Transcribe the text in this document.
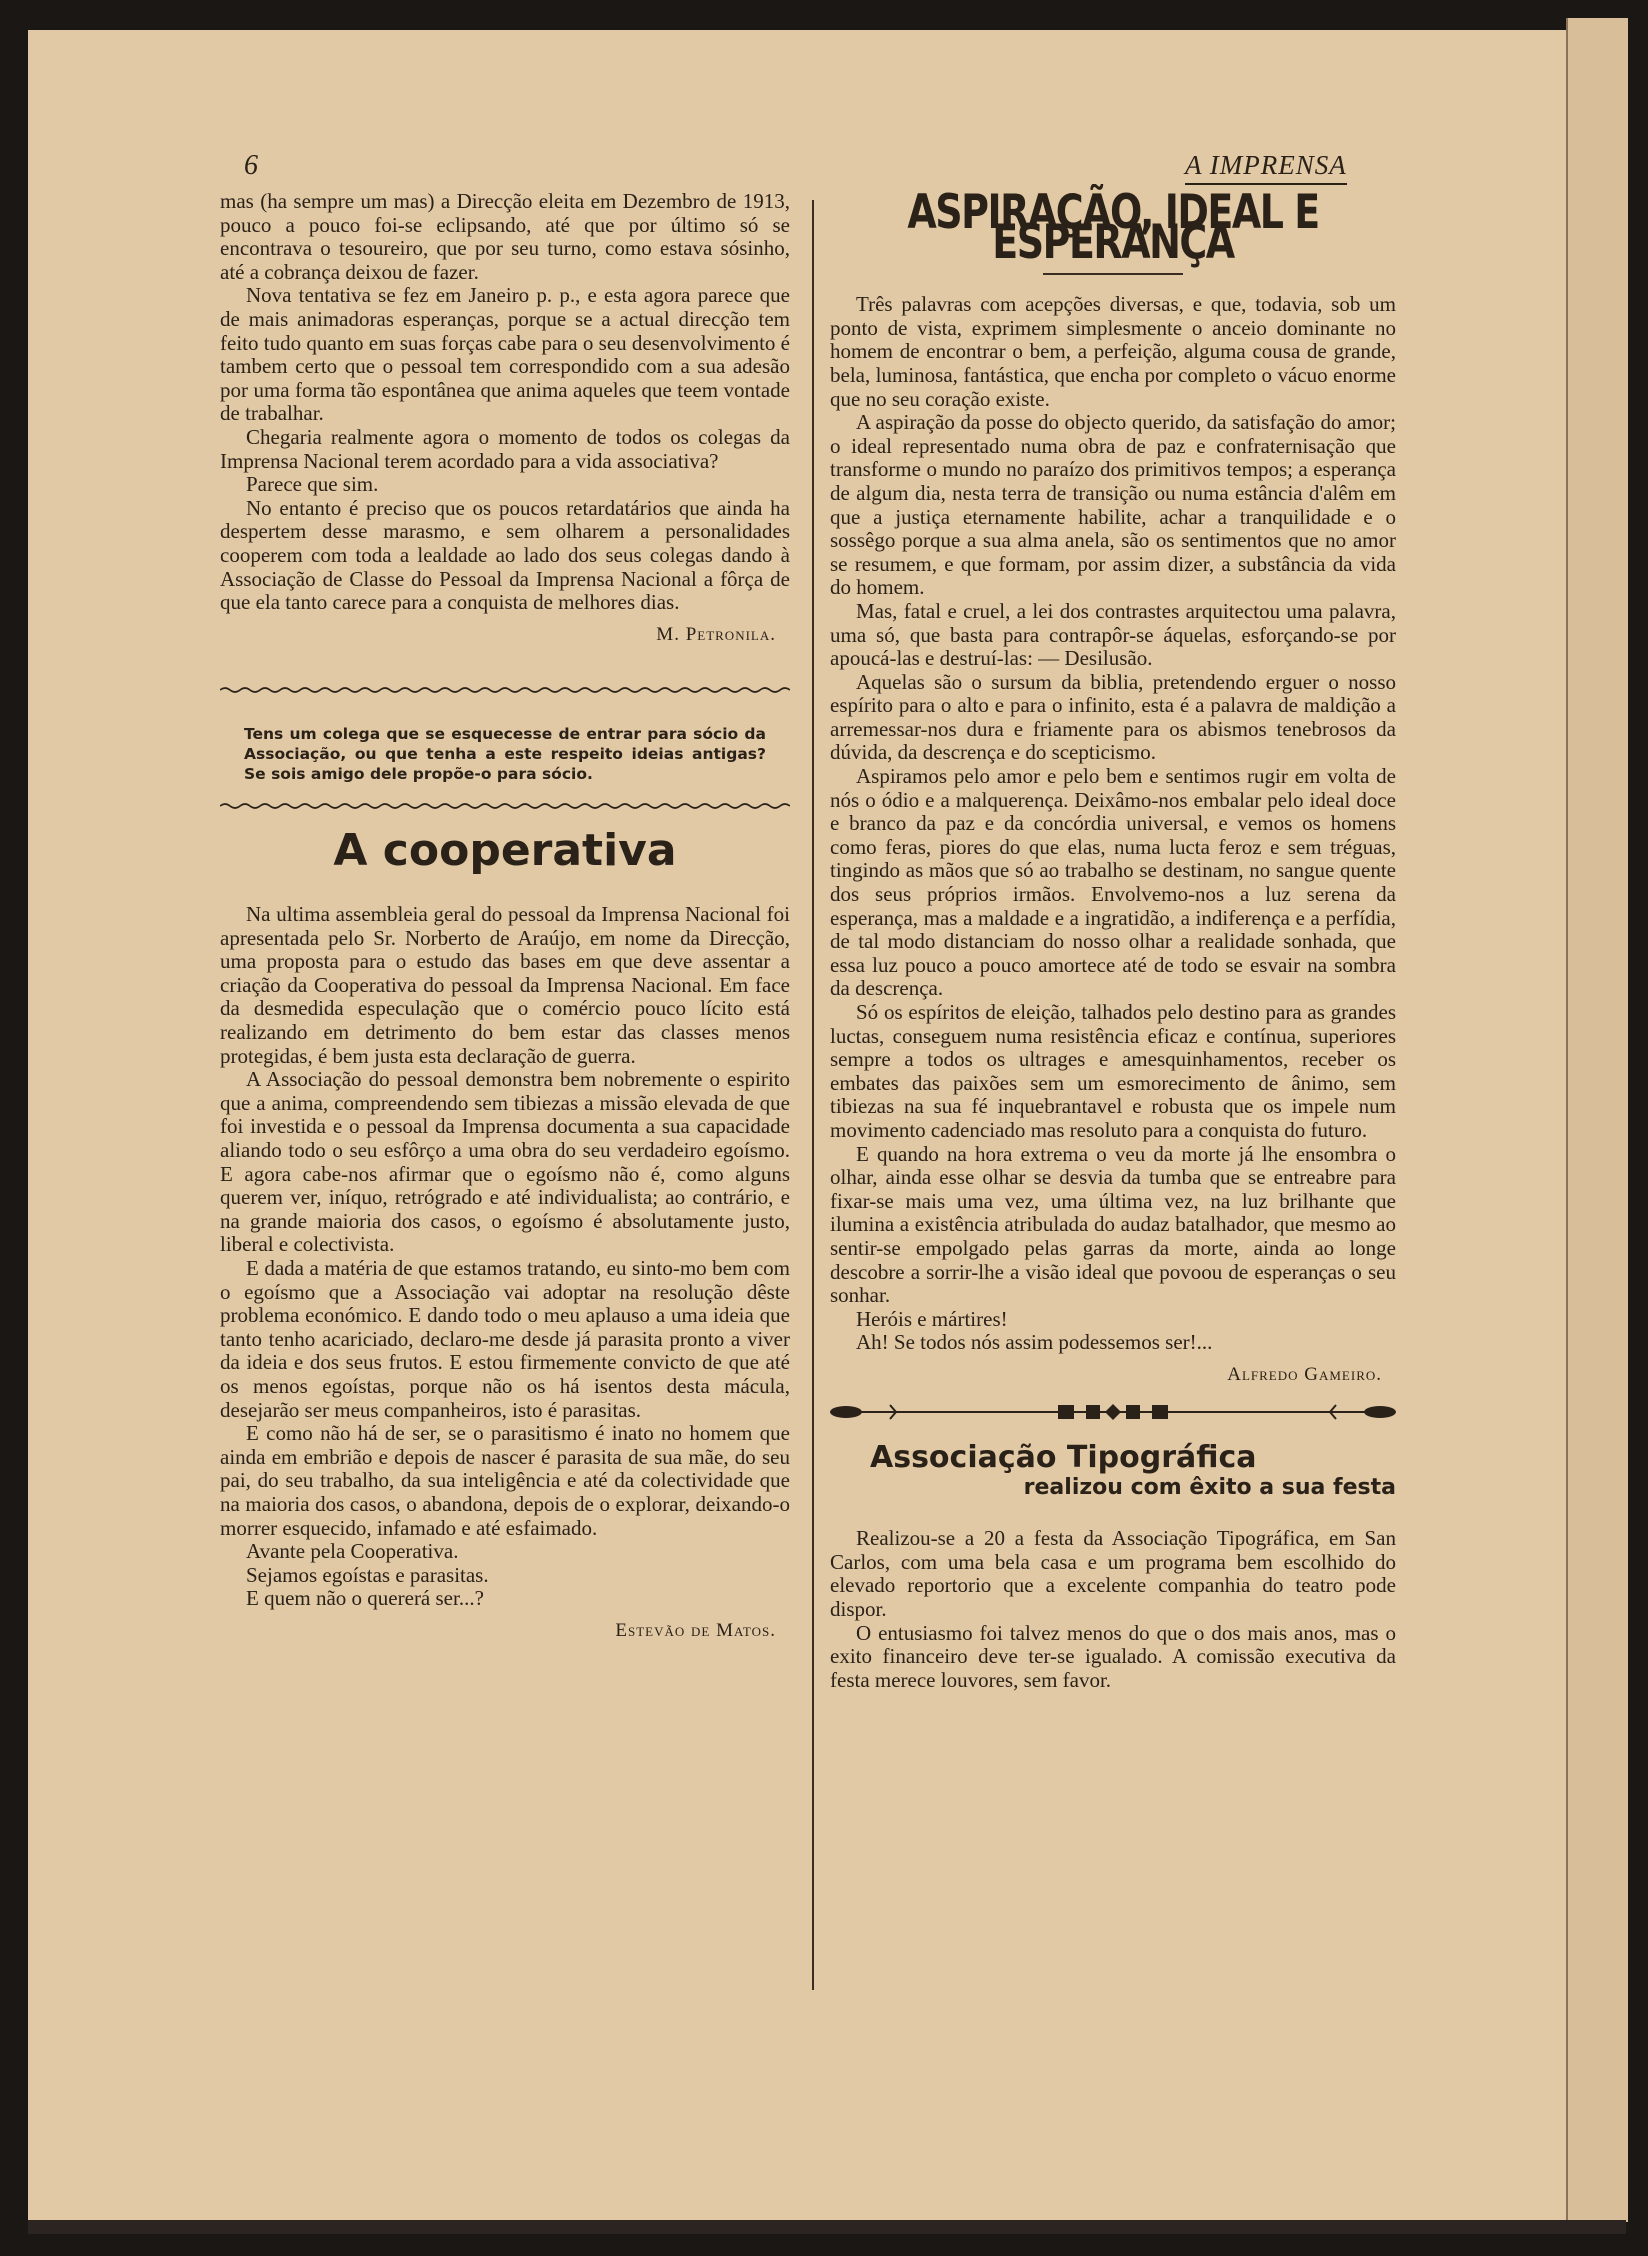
6	A IMPRENSA

mas (ha sempre um mas) a Direcção eleita em Dezembro de 1913, pouco a pouco foi-se eclipsando, até que por último só se encontrava o tesoureiro, que por seu turno, como estava sósinho, até a cobrança deixou de fazer.

Nova tentativa se fez em Janeiro p. p., e esta agora parece que de mais animadoras esperanças, porque se a actual direcção tem feito tudo quanto em suas forças cabe para o seu desenvolvimento é tambem certo que o pessoal tem correspondido com a sua adesão por uma forma tão espontânea que anima aqueles que teem vontade de trabalhar.

Chegaria realmente agora o momento de todos os colegas da Imprensa Nacional terem acordado para a vida associativa?

Parece que sim.

No entanto é preciso que os poucos retardatários que ainda ha despertem desse marasmo, e sem olharem a personalidades cooperem com toda a lealdade ao lado dos seus colegas dando à Associação de Classe do Pessoal da Imprensa Nacional a fôrça de que ela tanto carece para a conquista de melhores dias.

M. Petronila.
Tens um colega que se esquecesse de entrar para sócio da Associação, ou que tenha a este respeito ideias antigas? Se sois amigo dele propõe-o para sócio.
A cooperativa

Na ultima assembleia geral do pessoal da Imprensa Nacional foi apresentada pelo Sr. Norberto de Araújo, em nome da Direcção, uma proposta para o estudo das bases em que deve assentar a criação da Cooperativa do pessoal da Imprensa Nacional. Em face da desmedida especulação que o comércio pouco lícito está realizando em detrimento do bem estar das classes menos protegidas, é bem justa esta declaração de guerra.

A Associação do pessoal demonstra bem nobremente o espirito que a anima, compreendendo sem tibiezas a missão elevada de que foi investida e o pessoal da Imprensa documenta a sua capacidade aliando todo o seu esfôrço a uma obra do seu verdadeiro egoísmo. E agora cabe-nos afirmar que o egoísmo não é, como alguns querem ver, iníquo, retrógrado e até individualista; ao contrário, e na grande maioria dos casos, o egoísmo é absolutamente justo, liberal e colectivista.

E dada a matéria de que estamos tratando, eu sinto-mo bem com o egoísmo que a Associação vai adoptar na resolução dêste problema económico. E dando todo o meu aplauso a uma ideia que tanto tenho acariciado, declaro-me desde já parasita pronto a viver da ideia e dos seus frutos. E estou firmemente convicto de que até os menos egoístas, porque não os há isentos desta mácula, desejarão ser meus companheiros, isto é parasitas.

E como não há de ser, se o parasitismo é inato no homem que ainda em embrião e depois de nascer é parasita de sua mãe, do seu pai, do seu trabalho, da sua inteligência e até da colectividade que na maioria dos casos, o abandona, depois de o explorar, deixando-o morrer esquecido, infamado e até esfaimado.

Avante pela Cooperativa.

Sejamos egoístas e parasitas.

E quem não o quererá ser...?

Estevão de Matos.
ASPIRAÇÃO, IDEAL E ESPERANÇA

Três palavras com acepções diversas, e que, todavia, sob um ponto de vista, exprimem simplesmente o anceio dominante no homem de encontrar o bem, a perfeição, alguma cousa de grande, bela, luminosa, fantástica, que encha por completo o vácuo enorme que no seu coração existe.

A aspiração da posse do objecto querido, da satisfação do amor; o ideal representado numa obra de paz e confraternisação que transforme o mundo no paraízo dos primitivos tempos; a esperança de algum dia, nesta terra de transição ou numa estância d'alêm em que a justiça eternamente habilite, achar a tranquilidade e o sossêgo porque a sua alma anela, são os sentimentos que no amor se resumem, e que formam, por assim dizer, a substância da vida do homem.

Mas, fatal e cruel, a lei dos contrastes arquitectou uma palavra, uma só, que basta para contrapôr-se áquelas, esforçando-se por apoucá-las e destruí-las: — Desilusão.

Aquelas são o sursum da biblia, pretendendo erguer o nosso espírito para o alto e para o infinito, esta é a palavra de maldição a arremessar-nos dura e friamente para os abismos tenebrosos da dúvida, da descrença e do scepticismo.

Aspiramos pelo amor e pelo bem e sentimos rugir em volta de nós o ódio e a malquerença. Deixâmo-nos embalar pelo ideal doce e branco da paz e da concórdia universal, e vemos os homens como feras, piores do que elas, numa lucta feroz e sem tréguas, tingindo as mãos que só ao trabalho se destinam, no sangue quente dos seus próprios irmãos. Envolvemo-nos a luz serena da esperança, mas a maldade e a ingratidão, a indiferença e a perfídia, de tal modo distanciam do nosso olhar a realidade sonhada, que essa luz pouco a pouco amortece até de todo se esvair na sombra da descrença.

Só os espíritos de eleição, talhados pelo destino para as grandes luctas, conseguem numa resistência eficaz e contínua, superiores sempre a todos os ultrages e amesquinhamentos, receber os embates das paixões sem um esmorecimento de ânimo, sem tibiezas na sua fé inquebrantavel e robusta que os impele num movimento cadenciado mas resoluto para a conquista do futuro.

E quando na hora extrema o veu da morte já lhe ensombra o olhar, ainda esse olhar se desvia da tumba que se entreabre para fixar-se mais uma vez, uma última vez, na luz brilhante que ilumina a existência atribulada do audaz batalhador, que mesmo ao sentir-se empolgado pelas garras da morte, ainda ao longe descobre a sorrir-lhe a visão ideal que povoou de esperanças o seu sonhar.

Heróis e mártires!

Ah! Se todos nós assim podessemos ser!...

Alfredo Gameiro.
Associação Tipográfica
realizou com êxito a sua festa

Realizou-se a 20 a festa da Associação Tipográfica, em San Carlos, com uma bela casa e um programa bem escolhido do elevado reportorio que a excelente companhia do teatro pode dispor.

O entusiasmo foi talvez menos do que o dos mais anos, mas o exito financeiro deve ter-se igualado. A comissão executiva da festa merece louvores, sem favor.
